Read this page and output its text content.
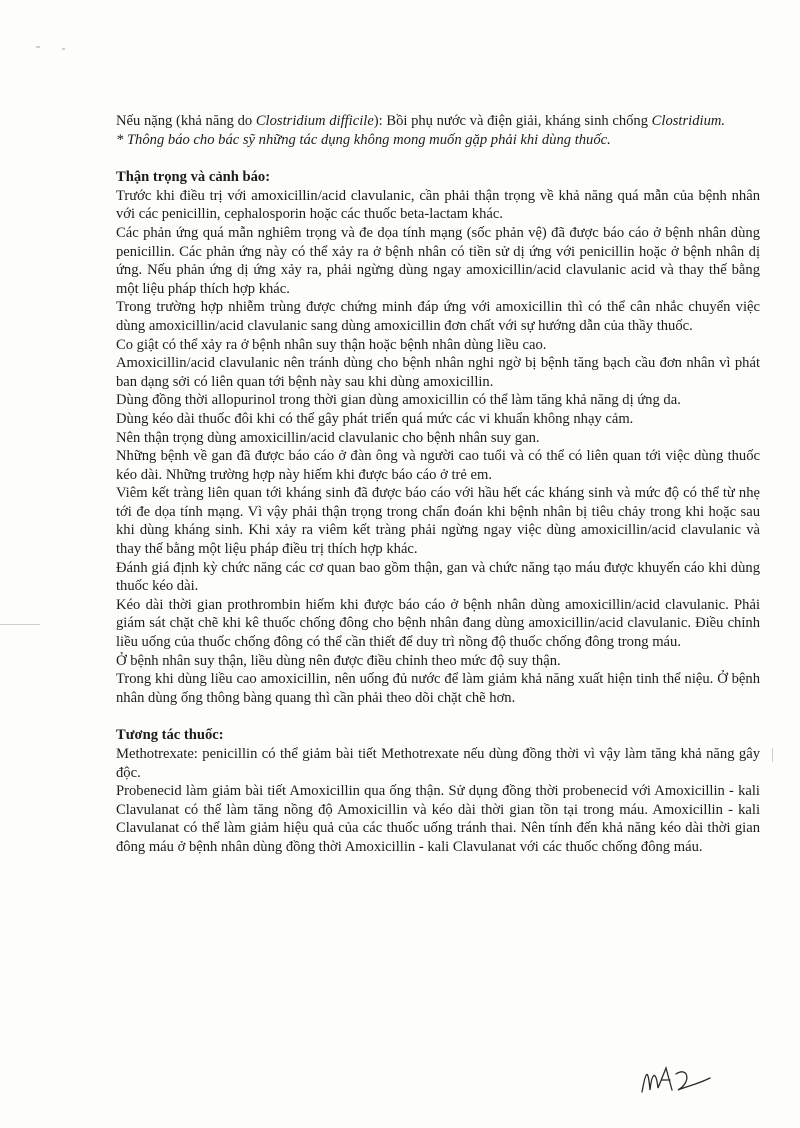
Nếu nặng (khả năng do Clostridium difficile): Bồi phụ nước và điện giải, kháng sinh chống Clostridium.

* Thông báo cho bác sỹ những tác dụng không mong muốn gặp phải khi dùng thuốc.

Thận trọng và cảnh báo:

Trước khi điều trị với amoxicillin/acid clavulanic, cần phải thận trọng về khả năng quá mẫn của bệnh nhân với các penicillin, cephalosporin hoặc các thuốc beta-lactam khác.

Các phản ứng quá mẫn nghiêm trọng và đe dọa tính mạng (sốc phản vệ) đã được báo cáo ở bệnh nhân dùng penicillin. Các phản ứng này có thể xảy ra ở bệnh nhân có tiền sử dị ứng với penicillin hoặc ở bệnh nhân dị ứng. Nếu phản ứng dị ứng xảy ra, phải ngừng dùng ngay amoxicillin/acid clavulanic acid và thay thế bằng một liệu pháp thích hợp khác.

Trong trường hợp nhiễm trùng được chứng minh đáp ứng với amoxicillin thì có thể cân nhắc chuyển việc dùng amoxicillin/acid clavulanic sang dùng amoxicillin đơn chất với sự hướng dẫn của thầy thuốc.

Co giật có thể xảy ra ở bệnh nhân suy thận hoặc bệnh nhân dùng liều cao.

Amoxicillin/acid clavulanic nên tránh dùng cho bệnh nhân nghi ngờ bị bệnh tăng bạch cầu đơn nhân vì phát ban dạng sởi có liên quan tới bệnh này sau khi dùng amoxicillin.

Dùng đồng thời allopurinol trong thời gian dùng amoxicillin có thể làm tăng khả năng dị ứng da.

Dùng kéo dài thuốc đôi khi có thể gây phát triển quá mức các vi khuẩn không nhạy cảm.

Nên thận trọng dùng amoxicillin/acid clavulanic cho bệnh nhân suy gan.

Những bệnh về gan đã được báo cáo ở đàn ông và người cao tuổi và có thể có liên quan tới việc dùng thuốc kéo dài. Những trường hợp này hiếm khi được báo cáo ở trẻ em.

Viêm kết tràng liên quan tới kháng sinh đã được báo cáo với hầu hết các kháng sinh và mức độ có thể từ nhẹ tới đe dọa tính mạng. Vì vậy phải thận trọng trong chẩn đoán khi bệnh nhân bị tiêu chảy trong khi hoặc sau khi dùng kháng sinh. Khi xảy ra viêm kết tràng phải ngừng ngay việc dùng amoxicillin/acid clavulanic và thay thế bằng một liệu pháp điều trị thích hợp khác.

Đánh giá định kỳ chức năng các cơ quan bao gồm thận, gan và chức năng tạo máu được khuyến cáo khi dùng thuốc kéo dài.

Kéo dài thời gian prothrombin hiếm khi được báo cáo ở bệnh nhân dùng amoxicillin/acid clavulanic. Phải giám sát chặt chẽ khi kê thuốc chống đông cho bệnh nhân đang dùng amoxicillin/acid clavulanic. Điều chỉnh liều uống của thuốc chống đông có thể cần thiết để duy trì nồng độ thuốc chống đông trong máu.

Ở bệnh nhân suy thận, liều dùng nên được điều chỉnh theo mức độ suy thận.

Trong khi dùng liều cao amoxicillin, nên uống đủ nước để làm giảm khả năng xuất hiện tinh thể niệu. Ở bệnh nhân dùng ống thông bàng quang thì cần phải theo dõi chặt chẽ hơn.

Tương tác thuốc:

Methotrexate: penicillin có thể giảm bài tiết Methotrexate nếu dùng đồng thời vì vậy làm tăng khả năng gây độc.

Probenecid làm giảm bài tiết Amoxicillin qua ống thận. Sử dụng đồng thời probenecid với Amoxicillin - kali Clavulanat có thể làm tăng nồng độ Amoxicillin và kéo dài thời gian tồn tại trong máu. Amoxicillin - kali Clavulanat có thể làm giảm hiệu quả của các thuốc uống tránh thai. Nên tính đến khả năng kéo dài thời gian đông máu ở bệnh nhân dùng đồng thời Amoxicillin - kali Clavulanat với các thuốc chống đông máu.
